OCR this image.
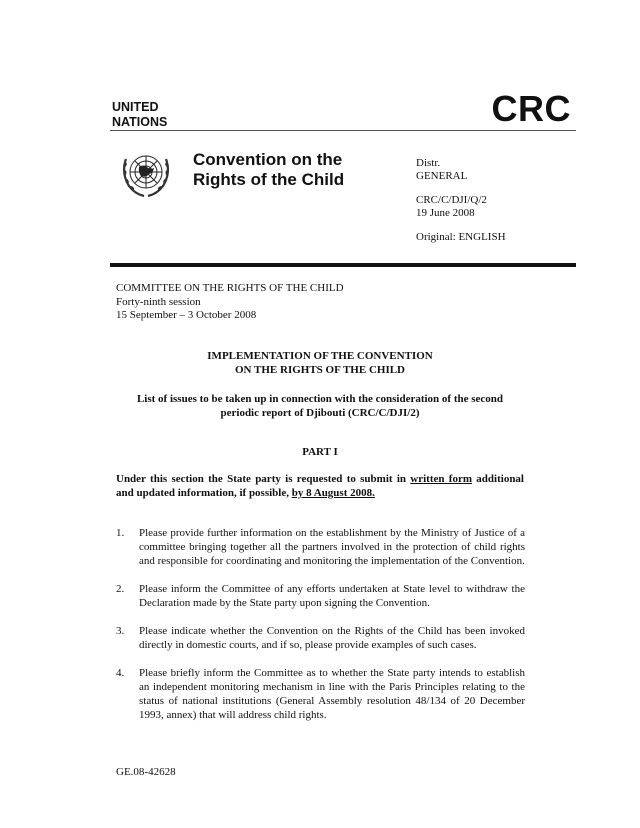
UNITED
NATIONS	CRC
Convention on the
Rights of the Child
Distr.
GENERAL
CRC/C/DJI/Q/2
19 June 2008
Original: ENGLISH
COMMITTEE ON THE RIGHTS OF THE CHILD
Forty-ninth session
15 September – 3 October 2008
IMPLEMENTATION OF THE CONVENTION
ON THE RIGHTS OF THE CHILD
List of issues to be taken up in connection with the consideration of the second
periodic report of Djibouti (CRC/C/DJI/2)
PART I
Under this section the State party is requested to submit in written form additional and updated information, if possible, by 8 August 2008.
1.	Please provide further information on the establishment by the Ministry of Justice of a committee bringing together all the partners involved in the protection of child rights and responsible for coordinating and monitoring the implementation of the Convention.
2.	Please inform the Committee of any efforts undertaken at State level to withdraw the Declaration made by the State party upon signing the Convention.
3.	Please indicate whether the Convention on the Rights of the Child has been invoked directly in domestic courts, and if so, please provide examples of such cases.
4.	Please briefly inform the Committee as to whether the State party intends to establish an independent monitoring mechanism in line with the Paris Principles relating to the status of national institutions (General Assembly resolution 48/134 of 20 December 1993, annex) that will address child rights.
GE.08-42628
